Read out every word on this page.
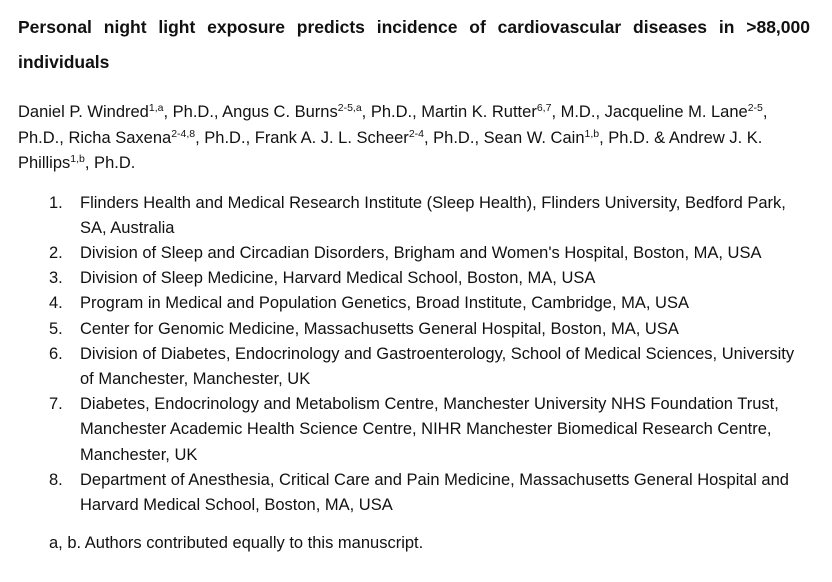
Personal night light exposure predicts incidence of cardiovascular diseases in >88,000 individuals

Daniel P. Windred$^{1,a}$, Ph.D., Angus C. Burns$^{2-5,a}$, Ph.D., Martin K. Rutter$^{6,7}$, M.D., Jacqueline M. Lane$^{2-5}$, Ph.D., Richa Saxena$^{2-4,8}$, Ph.D., Frank A. J. L. Scheer$^{2-4}$, Ph.D., Sean W. Cain$^{1,b}$, Ph.D. & Andrew J. K. Phillips$^{1,b}$, Ph.D.

1. Flinders Health and Medical Research Institute (Sleep Health), Flinders University, Bedford Park, SA, Australia
2. Division of Sleep and Circadian Disorders, Brigham and Women's Hospital, Boston, MA, USA
3. Division of Sleep Medicine, Harvard Medical School, Boston, MA, USA
4. Program in Medical and Population Genetics, Broad Institute, Cambridge, MA, USA
5. Center for Genomic Medicine, Massachusetts General Hospital, Boston, MA, USA
6. Division of Diabetes, Endocrinology and Gastroenterology, School of Medical Sciences, University of Manchester, Manchester, UK
7. Diabetes, Endocrinology and Metabolism Centre, Manchester University NHS Foundation Trust, Manchester Academic Health Science Centre, NIHR Manchester Biomedical Research Centre, Manchester, UK
8. Department of Anesthesia, Critical Care and Pain Medicine, Massachusetts General Hospital and Harvard Medical School, Boston, MA, USA

a, b. Authors contributed equally to this manuscript.
